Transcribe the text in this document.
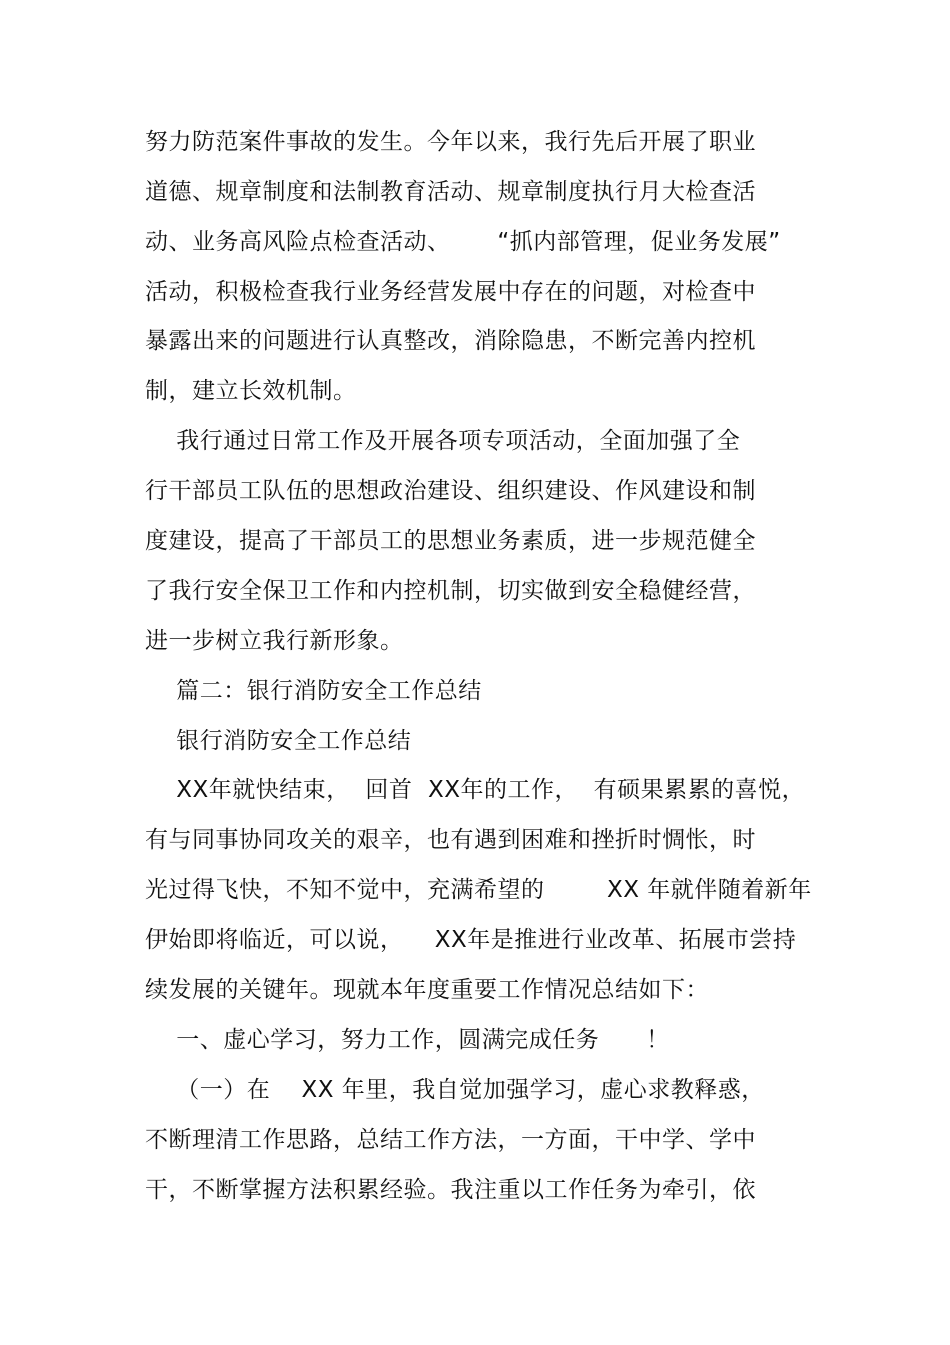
努力防范案件事故的发生。今年以来，我行先后开展了职业
道德、规章制度和法制教育活动、规章制度执行月大检查活
动、业务高风险点检查活动、      “抓内部管理，促业务发展”
活动，积极检查我行业务经营发展中存在的问题，对检查中
暴露出来的问题进行认真整改，消除隐患，不断完善内控机
制，建立长效机制。
我行通过日常工作及开展各项专项活动，全面加强了全
行干部员工队伍的思想政治建设、组织建设、作风建设和制
度建设，提高了干部员工的思想业务素质，进一步规范健全
了我行安全保卫工作和内控机制，切实做到安全稳健经营，
进一步树立我行新形象。
篇二：银行消防安全工作总结
银行消防安全工作总结
XX年就快结束，  回首  XX年的工作，  有硕果累累的喜悦，
有与同事协同攻关的艰辛，也有遇到困难和挫折时惆怅，时
光过得飞快，不知不觉中，充满希望的        XX 年就伴随着新年
伊始即将临近，可以说，    XX年是推进行业改革、拓展市尝持
续发展的关键年。现就本年度重要工作情况总结如下：
一、虚心学习，努力工作，圆满完成任务      ！
（一）在    XX 年里，我自觉加强学习，虚心求教释惑，
不断理清工作思路，总结工作方法，一方面，干中学、学中
干，不断掌握方法积累经验。我注重以工作任务为牵引，依
